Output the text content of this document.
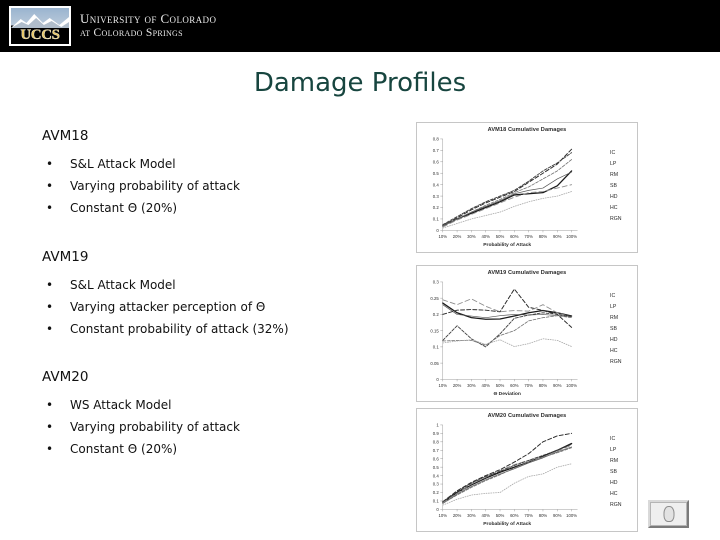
UCCS
University of Colorado
at Colorado Springs
Damage Profiles
AVM18
• S&L Attack Model
• Varying probability of attack
• Constant Θ (20%)
AVM19
• S&L Attack Model
• Varying attacker perception of Θ
• Constant probability of attack (32%)
AVM20
• WS Attack Model
• Varying probability of attack
• Constant Θ (20%)
AVM18 Cumulative Damages
0
0.1
0.2
0.3
0.4
0.5
0.6
0.7
0.8
10% 20% 30% 40% 50% 60% 70% 80% 90% 100%
Probability of Attack
IC
LP
RM
SB
HD
HC
RGN
AVM19 Cumulative Damages
0
0.05
0.1
0.15
0.2
0.25
0.3
10% 20% 30% 40% 50% 60% 70% 80% 90% 100%
Θ Deviation
IC
LP
RM
SB
HD
HC
RGN
AVM20 Cumulative Damages
0
0.1
0.2
0.3
0.4
0.5
0.6
0.7
0.8
0.9
1
10% 20% 30% 40% 50% 60% 70% 80% 90% 100%
Probability of Attack
IC
LP
RM
SB
HD
HC
RGN
